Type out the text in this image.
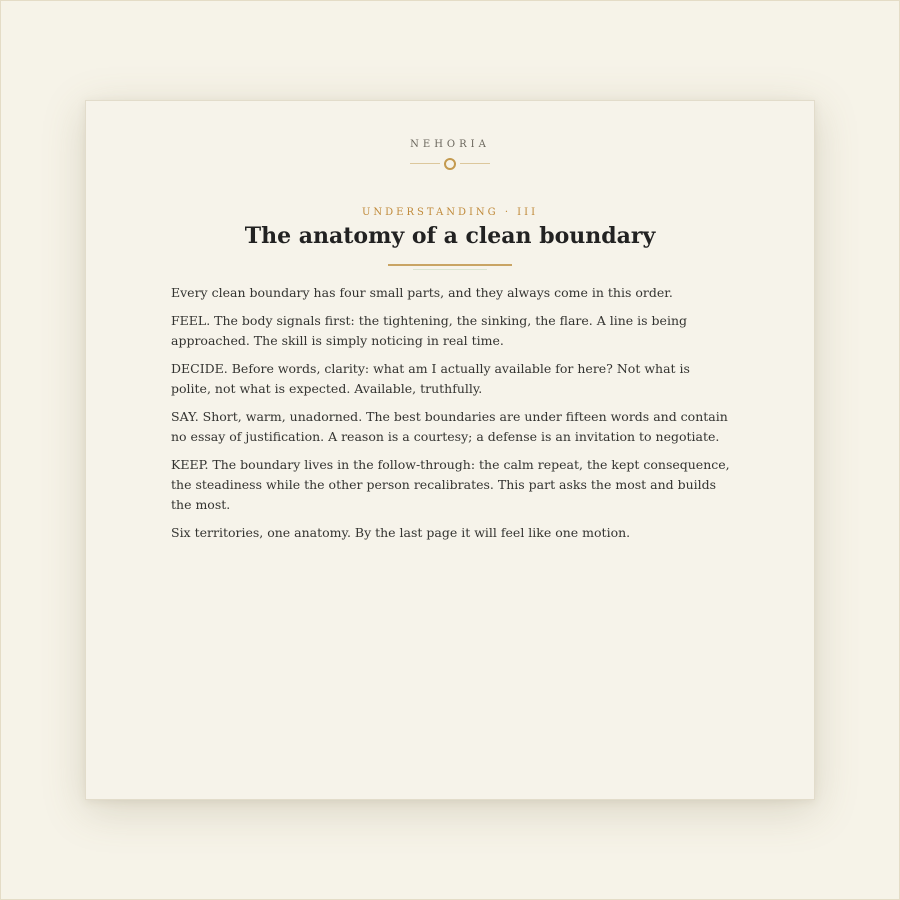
NEHORIA
UNDERSTANDING · III
The anatomy of a clean boundary

Every clean boundary has four small parts, and they always come in this order.

FEEL. The body signals first: the tightening, the sinking, the flare. A line is being approached. The skill is simply noticing in real time.

DECIDE. Before words, clarity: what am I actually available for here? Not what is polite, not what is expected. Available, truthfully.

SAY. Short, warm, unadorned. The best boundaries are under fifteen words and contain no essay of justification. A reason is a courtesy; a defense is an invitation to negotiate.

KEEP. The boundary lives in the follow-through: the calm repeat, the kept consequence, the steadiness while the other person recalibrates. This part asks the most and builds the most.

Six territories, one anatomy. By the last page it will feel like one motion.
